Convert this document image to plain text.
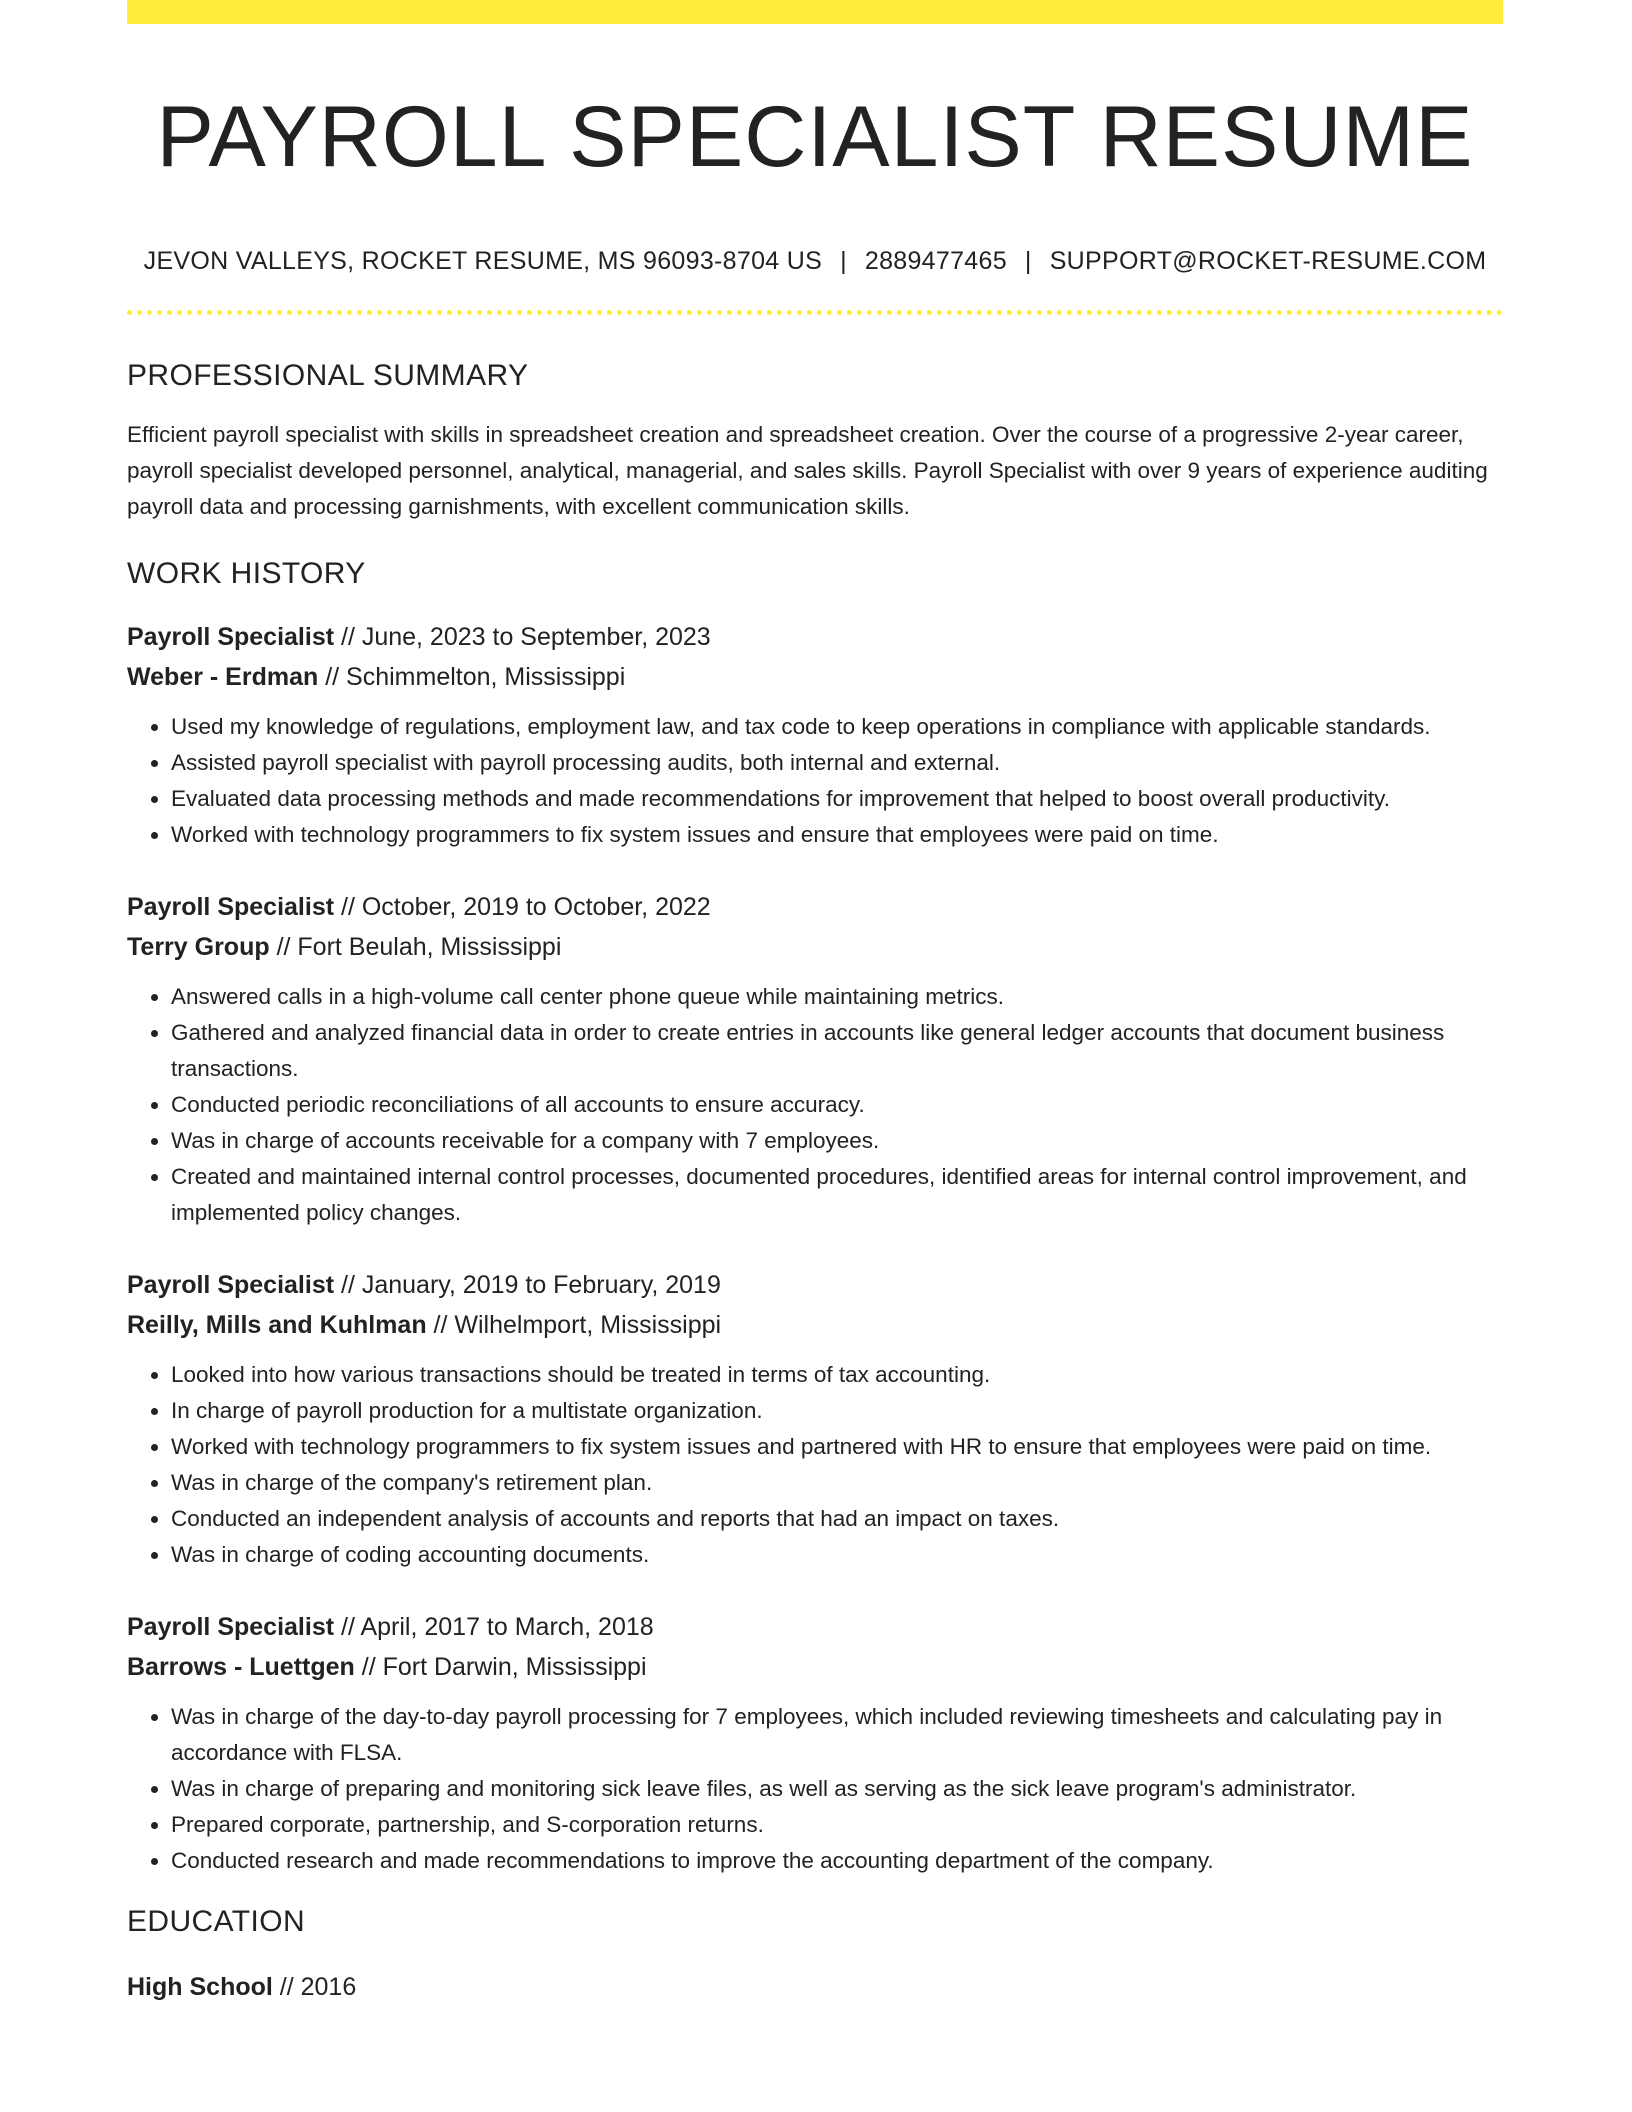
PAYROLL SPECIALIST RESUME
JEVON VALLEYS, ROCKET RESUME, MS 96093-8704 US | 2889477465 | SUPPORT@ROCKET-RESUME.COM
PROFESSIONAL SUMMARY
Efficient payroll specialist with skills in spreadsheet creation and spreadsheet creation. Over the course of a progressive 2-year career, payroll specialist developed personnel, analytical, managerial, and sales skills. Payroll Specialist with over 9 years of experience auditing payroll data and processing garnishments, with excellent communication skills.
WORK HISTORY
Payroll Specialist // June, 2023 to September, 2023
Weber - Erdman // Schimmelton, Mississippi
• Used my knowledge of regulations, employment law, and tax code to keep operations in compliance with applicable standards.
• Assisted payroll specialist with payroll processing audits, both internal and external.
• Evaluated data processing methods and made recommendations for improvement that helped to boost overall productivity.
• Worked with technology programmers to fix system issues and ensure that employees were paid on time.
Payroll Specialist // October, 2019 to October, 2022
Terry Group // Fort Beulah, Mississippi
• Answered calls in a high-volume call center phone queue while maintaining metrics.
• Gathered and analyzed financial data in order to create entries in accounts like general ledger accounts that document business transactions.
• Conducted periodic reconciliations of all accounts to ensure accuracy.
• Was in charge of accounts receivable for a company with 7 employees.
• Created and maintained internal control processes, documented procedures, identified areas for internal control improvement, and implemented policy changes.
Payroll Specialist // January, 2019 to February, 2019
Reilly, Mills and Kuhlman // Wilhelmport, Mississippi
• Looked into how various transactions should be treated in terms of tax accounting.
• In charge of payroll production for a multistate organization.
• Worked with technology programmers to fix system issues and partnered with HR to ensure that employees were paid on time.
• Was in charge of the company's retirement plan.
• Conducted an independent analysis of accounts and reports that had an impact on taxes.
• Was in charge of coding accounting documents.
Payroll Specialist // April, 2017 to March, 2018
Barrows - Luettgen // Fort Darwin, Mississippi
• Was in charge of the day-to-day payroll processing for 7 employees, which included reviewing timesheets and calculating pay in accordance with FLSA.
• Was in charge of preparing and monitoring sick leave files, as well as serving as the sick leave program's administrator.
• Prepared corporate, partnership, and S-corporation returns.
• Conducted research and made recommendations to improve the accounting department of the company.
EDUCATION
High School // 2016
